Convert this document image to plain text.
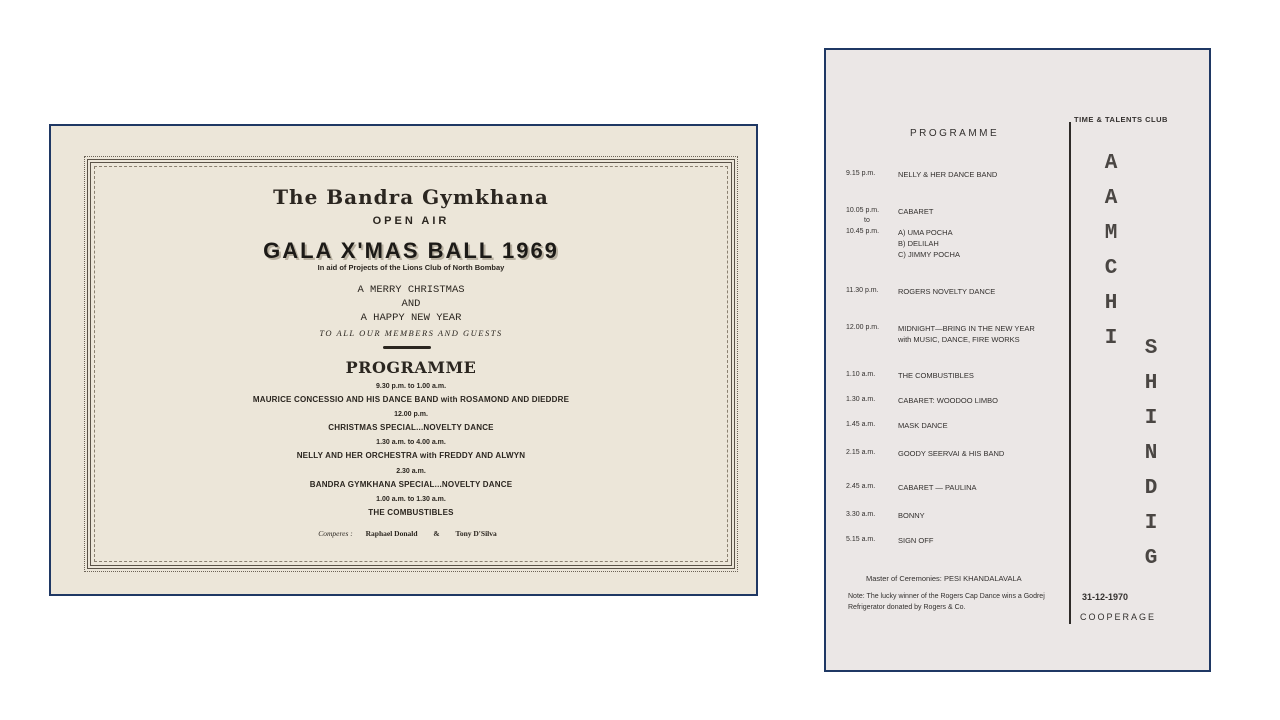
The Bandra Gymkhana
OPEN AIR
GALA X'MAS BALL 1969
In aid of Projects of the Lions Club of North Bombay
A MERRY CHRISTMAS
AND
A HAPPY NEW YEAR
TO ALL OUR MEMBERS AND GUESTS
PROGRAMME
9.30 p.m. to 1.00 a.m.
MAURICE CONCESSIO AND HIS DANCE BAND with ROSAMOND AND DIEDDRE
12.00 p.m.
CHRISTMAS SPECIAL...NOVELTY DANCE
1.30 a.m. to 4.00 a.m.
NELLY AND HER ORCHESTRA with FREDDY AND ALWYN
2.30 a.m.
BANDRA GYMKHANA SPECIAL...NOVELTY DANCE
1.00 a.m. to 1.30 a.m.
THE COMBUSTIBLES
Comperes : Raphael Donald & Tony D'Silva
PROGRAMME
TIME & TALENTS CLUB
9.15 p.m.	NELLY & HER DANCE BAND
10.05 p.m.	CABARET
to
10.45 p.m.	A) UMA POCHA
B) DELILAH
C) JIMMY POCHA
11.30 p.m.	ROGERS NOVELTY DANCE
12.00 p.m.	MIDNIGHT—BRING IN THE NEW YEAR
with MUSIC, DANCE, FIRE WORKS
1.10 a.m.	THE COMBUSTIBLES
1.30 a.m.	CABARET: WOODOO LIMBO
1.45 a.m.	MASK DANCE
2.15 a.m.	GOODY SEERVAI & HIS BAND
2.45 a.m.	CABARET — PAULINA
3.30 a.m.	BONNY
5.15 a.m.	SIGN OFF
A
A
M
C
H
I S
H
I
N
D
I
G
Master of Ceremonies: PESI KHANDALAVALA
Note: The lucky winner of the Rogers Cap Dance wins a Godrej Refrigerator donated by Rogers & Co.
31-12-1970
COOPERAGE
